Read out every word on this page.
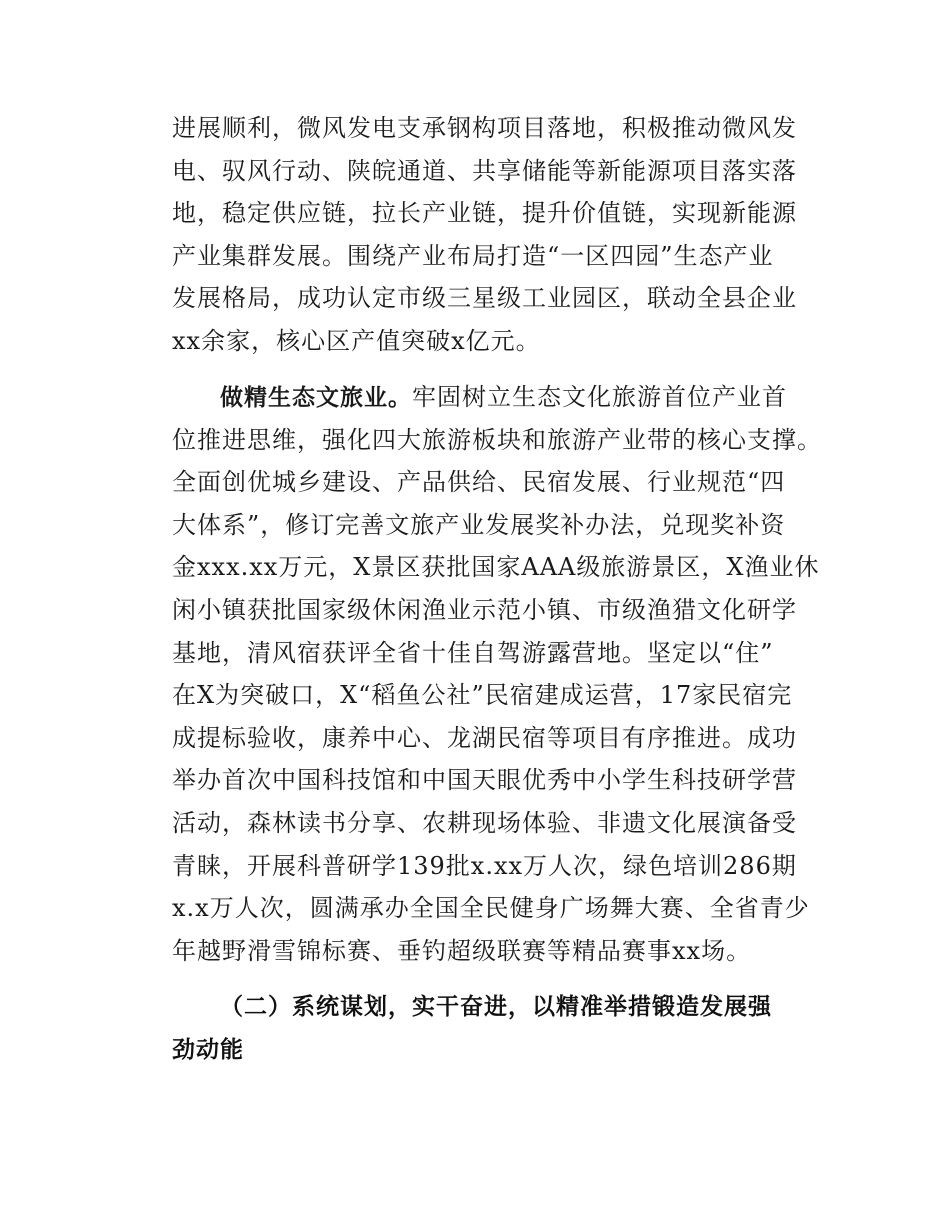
进展顺利，微风发电支承钢构项目落地，积极推动微风发
电、驭风行动、陕皖通道、共享储能等新能源项目落实落
地，稳定供应链，拉长产业链，提升价值链，实现新能源
产业集群发展。围绕产业布局打造“一区四园”生态产业
发展格局，成功认定市级三星级工业园区，联动全县企业
xx余家，核心区产值突破x亿元。
做精生态文旅业。牢固树立生态文化旅游首位产业首
位推进思维，强化四大旅游板块和旅游产业带的核心支撑。
全面创优城乡建设、产品供给、民宿发展、行业规范“四
大体系”，修订完善文旅产业发展奖补办法，兑现奖补资
金xxx.xx万元，X景区获批国家AAA级旅游景区，X渔业休
闲小镇获批国家级休闲渔业示范小镇、市级渔猎文化研学
基地，清风宿获评全省十佳自驾游露营地。坚定以“住”
在X为突破口，X“稻鱼公社”民宿建成运营，17家民宿完
成提标验收，康养中心、龙湖民宿等项目有序推进。成功
举办首次中国科技馆和中国天眼优秀中小学生科技研学营
活动，森林读书分享、农耕现场体验、非遗文化展演备受
青睐，开展科普研学139批x.xx万人次，绿色培训286期
x.x万人次，圆满承办全国全民健身广场舞大赛、全省青少
年越野滑雪锦标赛、垂钓超级联赛等精品赛事xx场。
（二）系统谋划，实干奋进，以精准举措锻造发展强
劲动能
